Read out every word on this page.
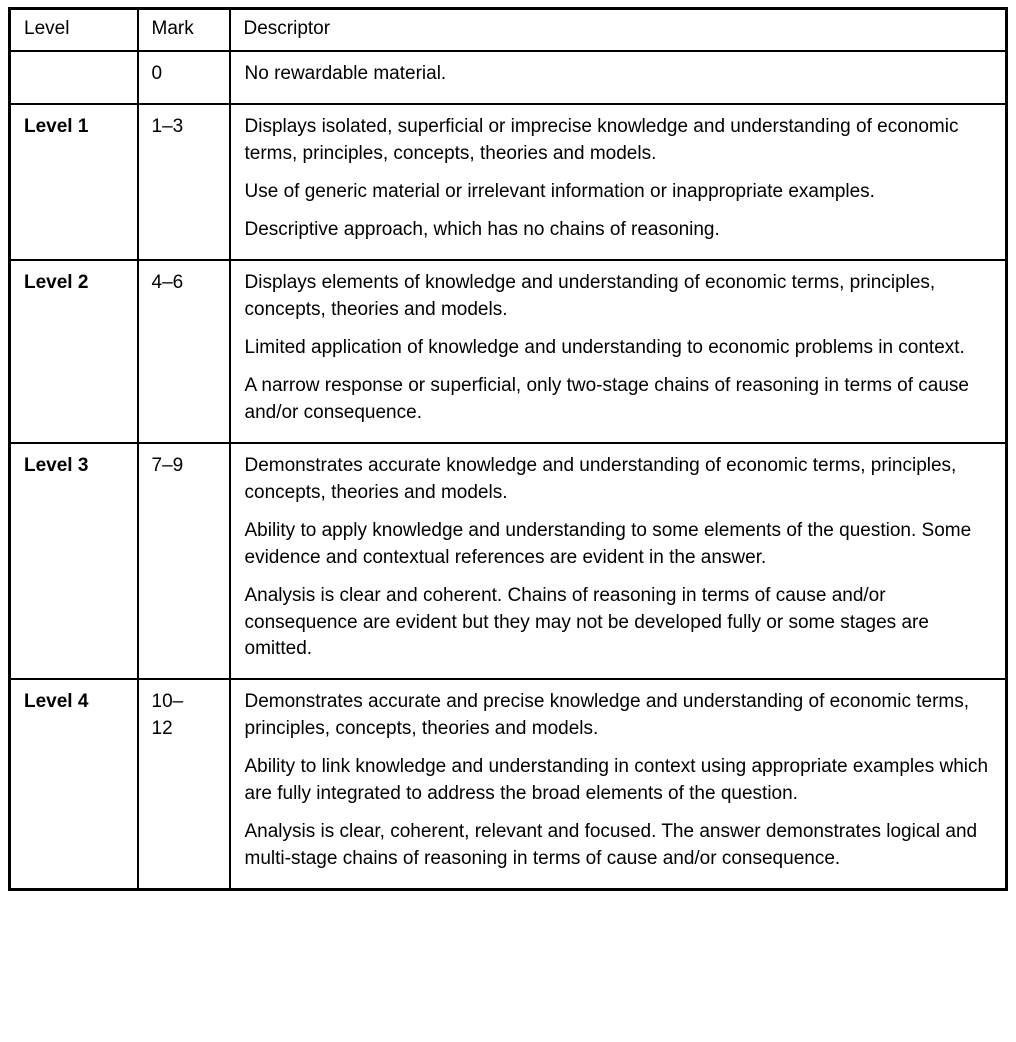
Level	Mark	Descriptor
	0	No rewardable material.

Level 1	1–​3	Displays isolated, superficial or imprecise knowledge and understanding of economic terms, principles, concepts, theories and models.

Use of generic material or irrelevant information or inappropriate examples.

Descriptive approach, which has no chains of reasoning.

Level 2	4–​6	Displays elements of knowledge and understanding of economic terms, principles, concepts, theories and models.

Limited application of knowledge and understanding to economic problems in context.

A narrow response or superficial, only two-stage chains of reasoning in terms of cause and/or consequence.

Level 3	7–​9	Demonstrates accurate knowledge and understanding of economic terms, principles, concepts, theories and models.

Ability to apply knowledge and understanding to some elements of the question. Some evidence and contextual references are evident in the answer.

Analysis is clear and coherent. Chains of reasoning in terms of cause and/or consequence are evident but they may not be developed fully or some stages are omitted.

Level 4	10–​12	Demonstrates accurate and precise knowledge and understanding of economic terms, principles, concepts, theories and models.

Ability to link knowledge and understanding in context using appropriate examples which are fully integrated to address the broad elements of the question.

Analysis is clear, coherent, relevant and focused. The answer demonstrates logical and multi-stage chains of reasoning in terms of cause and/or consequence.
